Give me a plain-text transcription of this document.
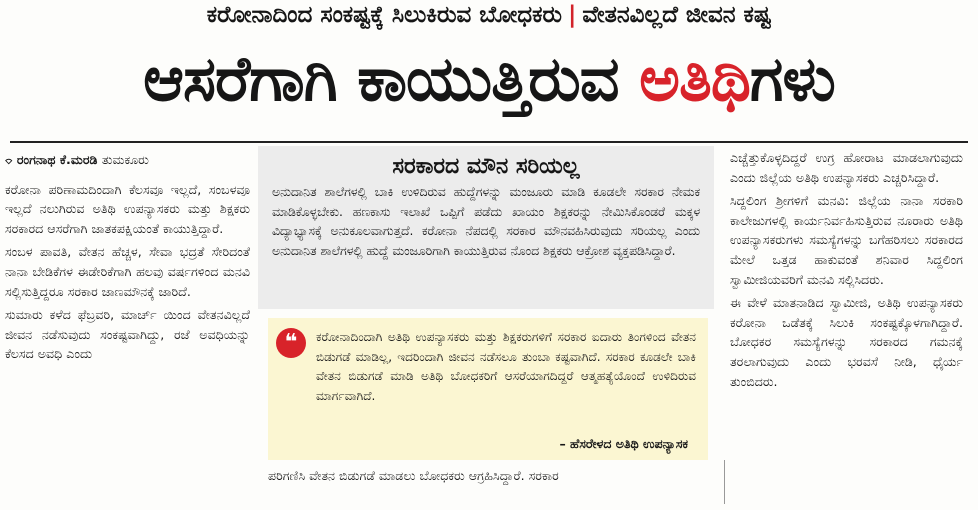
ಕರೋನಾದಿಂದ ಸಂಕಷ್ಟಕ್ಕೆ ಸಿಲುಕಿರುವ ಬೋಧಕರು | ವೇತನವಿಲ್ಲದೆ ಜೀವನ ಕಷ್ಟ
ಆಸರೆಗಾಗಿ ಕಾಯುತ್ತಿರುವ ಅತಿಥಿಗಳು

⌔ ರಂಗನಾಥ ಕೆ.ಮರಡಿ ತುಮಕೂರು

ಕರೋನಾ ಪರಿಣಾಮದಿಂದಾಗಿ ಕೆಲಸವೂ ಇಲ್ಲದೆ, ಸಂಬಳವೂ ಇಲ್ಲದೆ ನಲುಗಿರುವ ಅತಿಥಿ ಉಪನ್ಯಾಸಕರು ಮತ್ತು ಶಿಕ್ಷಕರು ಸರಕಾರದ ಆಸರೆಗಾಗಿ ಜಾತಕಪಕ್ಷಿಯಂತೆ ಕಾಯುತ್ತಿದ್ದಾರೆ.

ಸಂಬಳ ಪಾವತಿ, ವೇತನ ಹೆಚ್ಚಳ, ಸೇವಾ ಭದ್ರತೆ ಸೇರಿದಂತೆ ನಾನಾ ಬೇಡಿಕೆಗಳ ಈಡೇರಿಕೆಗಾಗಿ ಹಲವು ವರ್ಷಗಳಿಂದ ಮನವಿ ಸಲ್ಲಿಸುತ್ತಿದ್ದರೂ ಸರಕಾರ ಜಾಣಮೌನಕ್ಕೆ ಜಾರಿದೆ.

ಸುಮಾರು ಕಳೆದ ಫೆಬ್ರವರಿ, ಮಾರ್ಚ್ ಯಿಂದ ವೇತನವಿಲ್ಲದೆ ಜೀವನ ನಡೆಸುವುದು ಸಂಕಷ್ಟವಾಗಿದ್ದು, ರಜೆ ಅವಧಿಯನ್ನು ಕೆಲಸದ ಅವಧಿ ಎಂದು

ಸರಕಾರದ ಮೌನ ಸರಿಯಲ್ಲ

ಅನುದಾನಿತ ಶಾಲೆಗಳಲ್ಲಿ ಬಾಕಿ ಉಳಿದಿರುವ ಹುದ್ದೆಗಳನ್ನು ಮಂಜೂರು ಮಾಡಿ ಕೂಡಲೇ ಸರಕಾರ ನೇಮಕ ಮಾಡಿಕೊಳ್ಳಬೇಕು. ಹಣಕಾಸು ಇಲಾಖೆ ಒಪ್ಪಿಗೆ ಪಡೆದು ಖಾಯಂ ಶಿಕ್ಷಕರನ್ನು ನೇಮಿಸಿಕೊಂಡರೆ ಮಕ್ಕಳ ವಿದ್ಯಾಭ್ಯಾಸಕ್ಕೆ ಅನುಕೂಲವಾಗುತ್ತದೆ. ಕರೋನಾ ನೆಪದಲ್ಲಿ ಸರಕಾರ ಮೌನವಹಿಸಿರುವುದು ಸರಿಯಲ್ಲ ಎಂದು ಅನುದಾನಿತ ಶಾಲೆಗಳಲ್ಲಿ ಹುದ್ದೆ ಮಂಜೂರಿಗಾಗಿ ಕಾಯುತ್ತಿರುವ ನೊಂದ ಶಿಕ್ಷಕರು ಆಕ್ರೋಶ ವ್ಯಕ್ತಪಡಿಸಿದ್ದಾರೆ.

❝	ಕರೋನಾದಿಂದಾಗಿ ಅತಿಥಿ ಉಪನ್ಯಾಸಕರು ಮತ್ತು ಶಿಕ್ಷಕರುಗಳಿಗೆ ಸರಕಾರ ಐದಾರು ತಿಂಗಳಿಂದ ವೇತನ ಬಿಡುಗಡೆ ಮಾಡಿಲ್ಲ, ಇದರಿಂದಾಗಿ ಜೀವನ ನಡೆಸಲೂ ತುಂಬಾ ಕಷ್ಟವಾಗಿದೆ. ಸರಕಾರ ಕೂಡಲೇ ಬಾಕಿ ವೇತನ ಬಿಡುಗಡೆ ಮಾಡಿ ಅತಿಥಿ ಬೋಧಕರಿಗೆ ಆಸರೆಯಾಗದಿದ್ದರೆ ಆತ್ಮಹತ್ಯೆಯೊಂದೆ ಉಳಿದಿರುವ ಮಾರ್ಗವಾಗಿದೆ.

– ಹೆಸರೇಳದ ಅತಿಥಿ ಉಪನ್ಯಾಸಕ
ಪರಿಗಣಿಸಿ ವೇತನ ಬಿಡುಗಡೆ ಮಾಡಲು ಬೋಧಕರು ಆಗ್ರಹಿಸಿದ್ದಾರೆ. ಸರಕಾರ

ಎಚ್ಚೆತ್ತುಕೊಳ್ಳದಿದ್ದರೆ ಉಗ್ರ ಹೋರಾಟ ಮಾಡಲಾಗುವುದು ಎಂದು ಜಿಲ್ಲೆಯ ಅತಿಥಿ ಉಪನ್ಯಾಸಕರು ಎಚ್ಚರಿಸಿದ್ದಾರೆ.

ಸಿದ್ದಲಿಂಗ ಶ್ರೀಗಳಿಗೆ ಮನವಿ: ಜಿಲ್ಲೆಯ ನಾನಾ ಸರಕಾರಿ ಕಾಲೇಜುಗಳಲ್ಲಿ ಕಾರ್ಯನಿರ್ವಹಿಸುತ್ತಿರುವ ನೂರಾರು ಅತಿಥಿ ಉಪನ್ಯಾಸಕರುಗಳು ಸಮಸ್ಯೆಗಳನ್ನು ಬಗೆಹರಿಸಲು ಸರಕಾರದ ಮೇಲೆ ಒತ್ತಡ ಹಾಕುವಂತೆ ಶನಿವಾರ ಸಿದ್ದಲಿಂಗ ಸ್ವಾಮೀಜಿಯವರಿಗೆ ಮನವಿ ಸಲ್ಲಿಸಿದರು.

ಈ ವೇಳೆ ಮಾತನಾಡಿದ ಸ್ವಾಮೀಜಿ, ಅತಿಥಿ ಉಪನ್ಯಾಸಕರು ಕರೋನಾ ಒಡೆತಕ್ಕೆ ಸಿಲುಕಿ ಸಂಕಷ್ಟಕ್ಕೊಳಗಾಗಿದ್ದಾರೆ. ಬೋಧಕರ ಸಮಸ್ಯೆಗಳನ್ನು ಸರಕಾರದ ಗಮನಕ್ಕೆ ತರಲಾಗುವುದು ಎಂದು ಭರವಸೆ ನೀಡಿ, ಧೈರ್ಯ ತುಂಬಿದರು.
